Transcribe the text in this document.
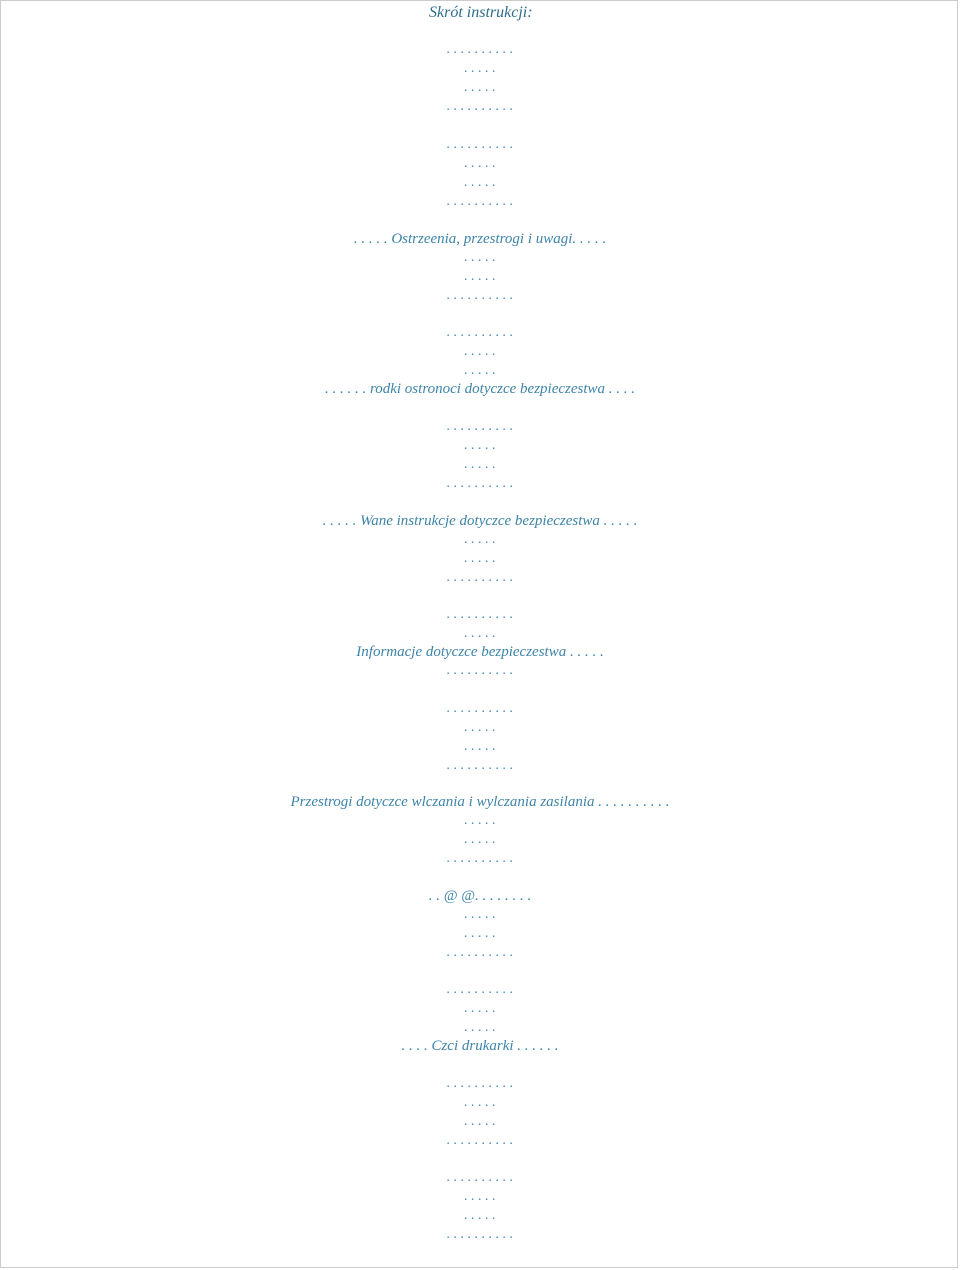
Skrót instrukcji:
. . . . . . . . . .
. . . . .
. . . . .
. . . . . . . . . .
. . . . . . . . . .
. . . . .
. . . . .
. . . . . . . . . .
. . . . . Ostrzeenia, przestrogi i uwagi. . . . .
. . . . .
. . . . .
. . . . . . . . . .
. . . . . . . . . .
. . . . .
. . . . .
. . . . . . rodki ostronoci dotyczce bezpieczestwa . . . .
. . . . . . . . . .
. . . . .
. . . . .
. . . . . . . . . .
. . . . . Wane instrukcje dotyczce bezpieczestwa . . . . .
. . . . .
. . . . .
. . . . . . . . . .
. . . . . . . . . .
. . . . .
Informacje dotyczce bezpieczestwa . . . . .
. . . . . . . . . .
. . . . . . . . . .
. . . . .
. . . . .
. . . . . . . . . .
Przestrogi dotyczce wlczania i wylczania zasilania . . . . . . . . . .
. . . . .
. . . . .
. . . . . . . . . .
. . @ @. . . . . . . .
. . . . .
. . . . .
. . . . . . . . . .
. . . . . . . . . .
. . . . .
. . . . .
. . . . Czci drukarki . . . . . .
. . . . . . . . . .
. . . . .
. . . . .
. . . . . . . . . .
. . . . . . . . . .
. . . . .
. . . . .
. . . . . . . . . .
